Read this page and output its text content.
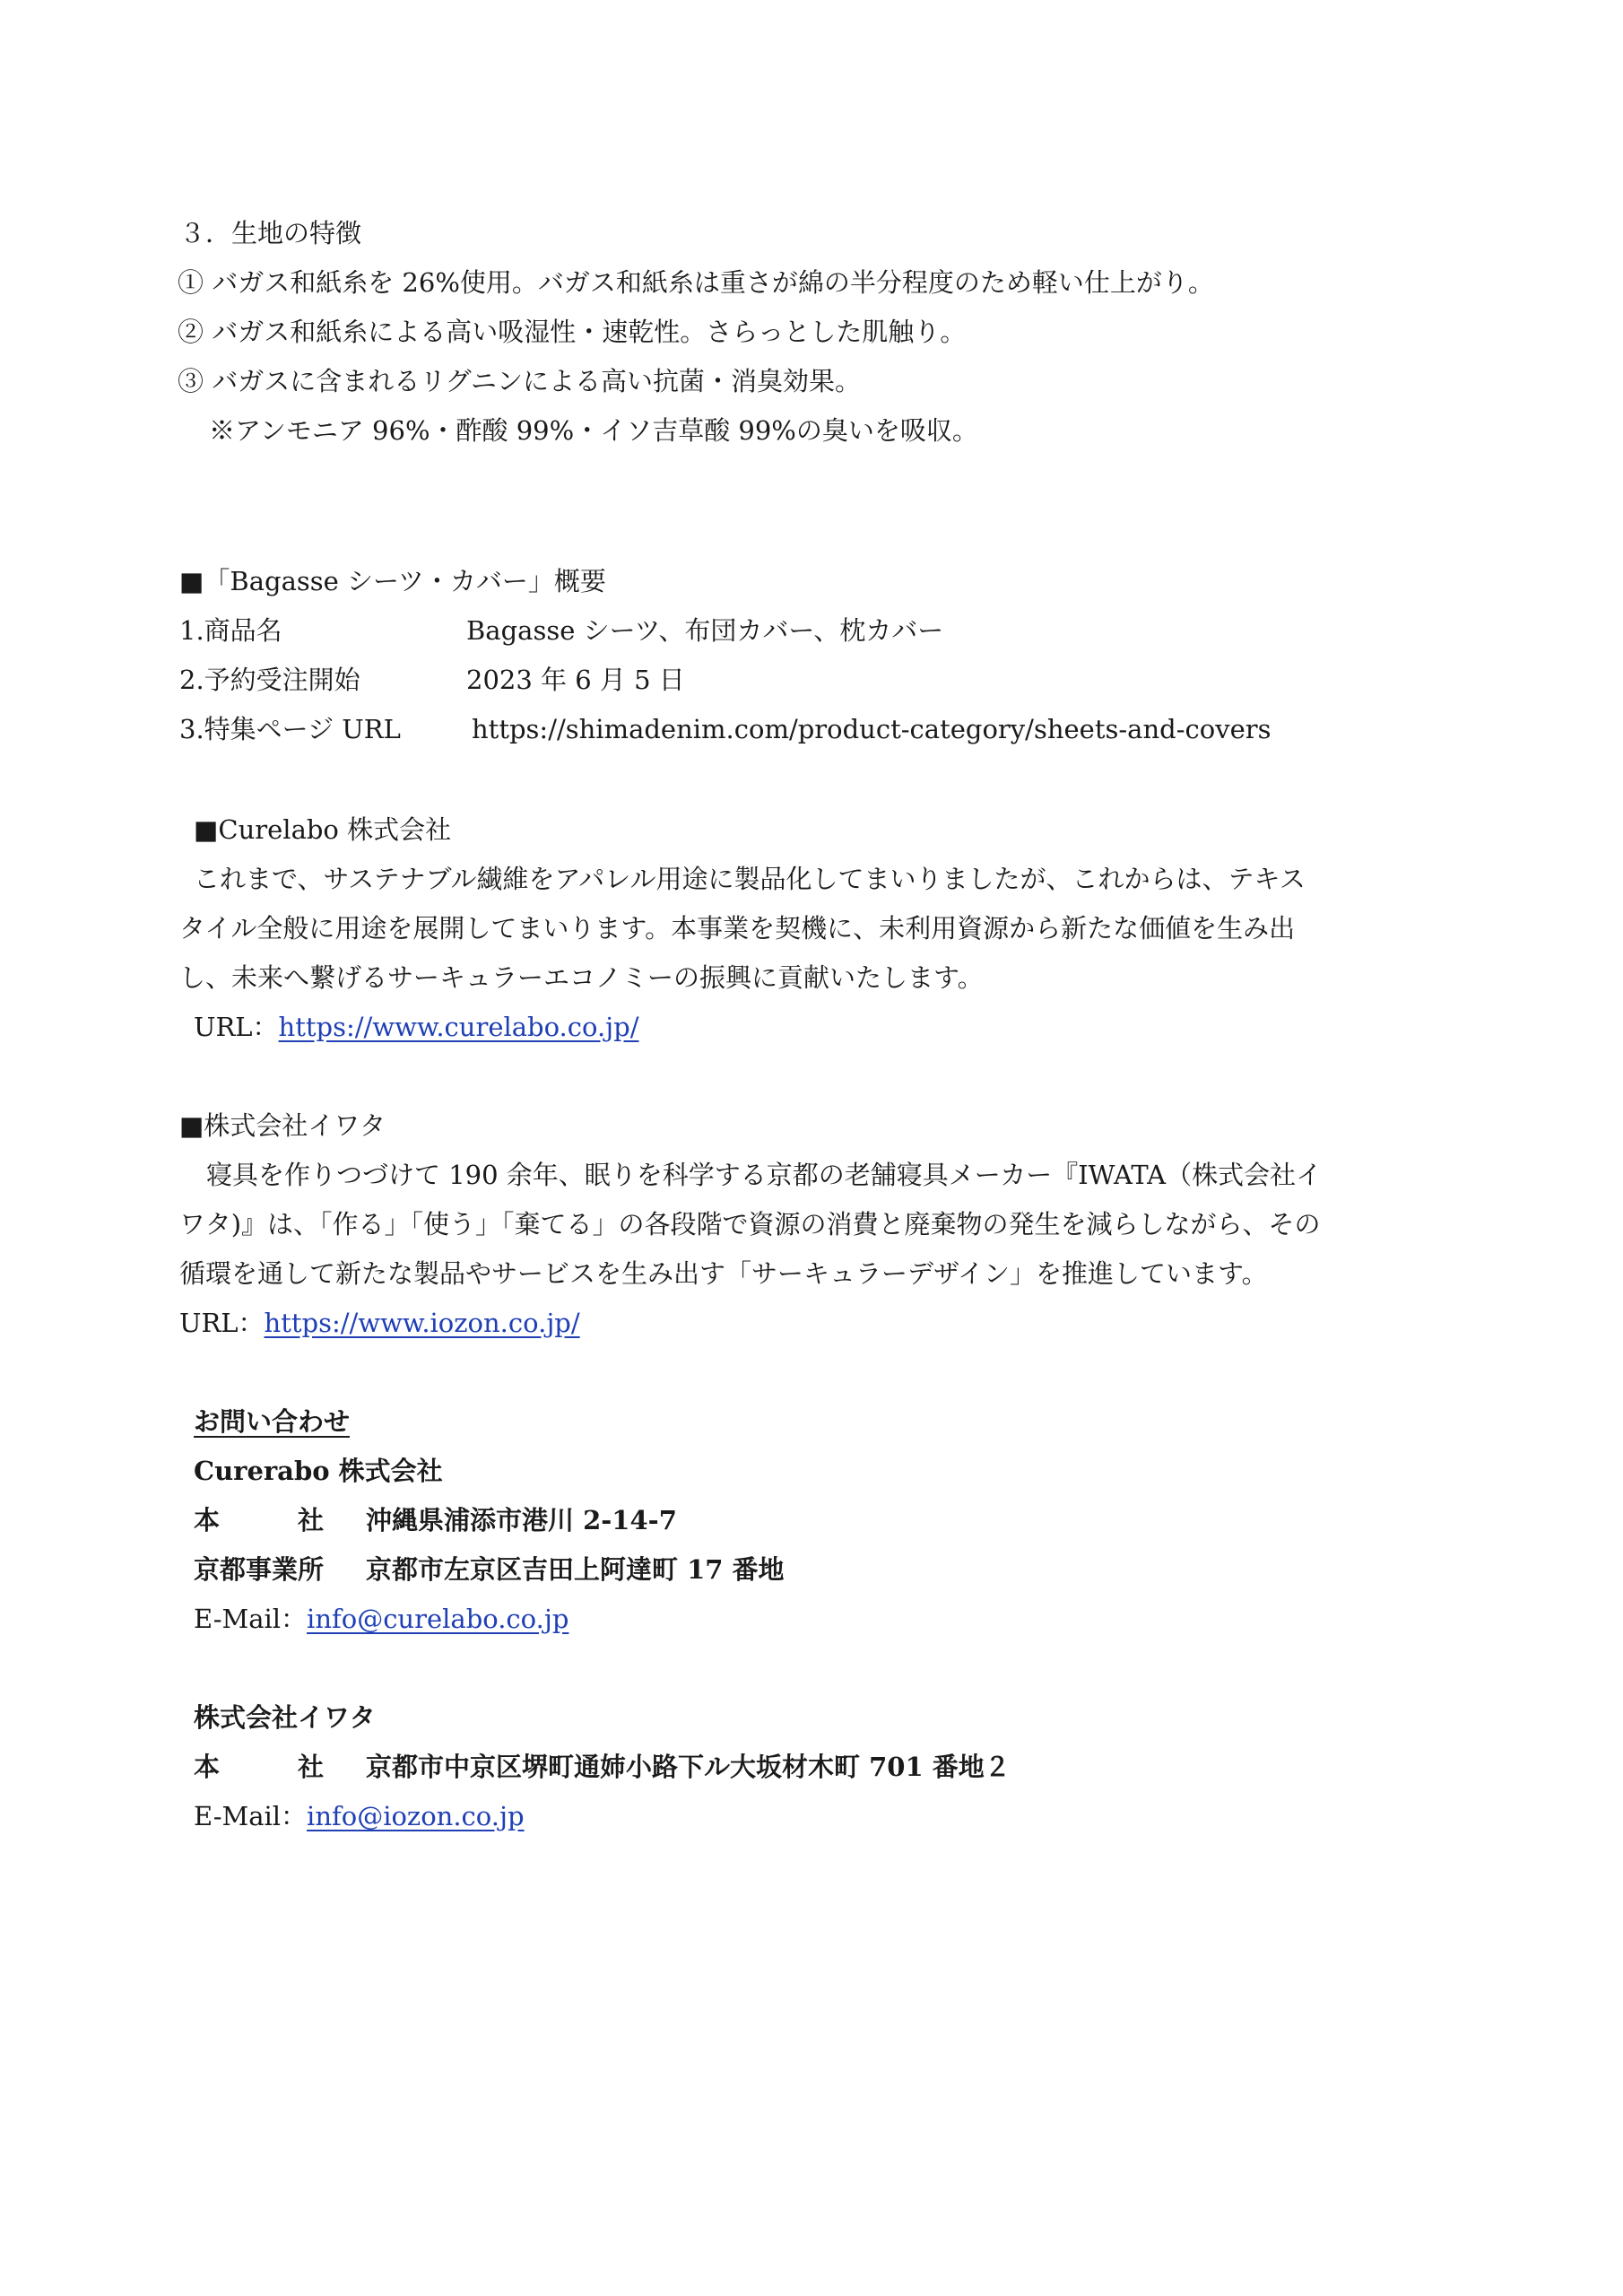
３．生地の特徴
① バガス和紙糸を 26%使用。バガス和紙糸は重さが綿の半分程度のため軽い仕上がり。
② バガス和紙糸による高い吸湿性・速乾性。さらっとした肌触り。
③ バガスに含まれるリグニンによる高い抗菌・消臭効果。
※アンモニア 96%・酢酸 99%・イソ吉草酸 99%の臭いを吸収。
■「Bagasse シーツ・カバー」概要
1.商品名	Bagasse シーツ、布団カバー、枕カバー
2.予約受注開始	2023 年 6 月 5 日
3.特集ページ URL	https://shimadenim.com/product-category/sheets-and-covers
■Curelabo 株式会社
これまで、サステナブル繊維をアパレル用途に製品化してまいりましたが、これからは、テキス
タイル全般に用途を展開してまいります。本事業を契機に、未利用資源から新たな価値を生み出
し、未来へ繋げるサーキュラーエコノミーの振興に貢献いたします。
URL：https://www.curelabo.co.jp/
■株式会社イワタ
寝具を作りつづけて 190 余年、眠りを科学する京都の老舗寝具メーカー『IWATA（株式会社イ
ワタ)』は、「作る」「使う」「棄てる」の各段階で資源の消費と廃棄物の発生を減らしながら、その
循環を通して新たな製品やサービスを生み出す「サーキュラーデザイン」を推進しています。
URL：https://www.iozon.co.jp/
お問い合わせ
Curerabo 株式会社
本　　　社 沖縄県浦添市港川 2-14-7
京都事業所 京都市左京区吉田上阿達町 17 番地
E-Mail：info@curelabo.co.jp
株式会社イワタ
本　　　社 京都市中京区堺町通姉小路下ル大坂材木町 701 番地２
E-Mail：info@iozon.co.jp
